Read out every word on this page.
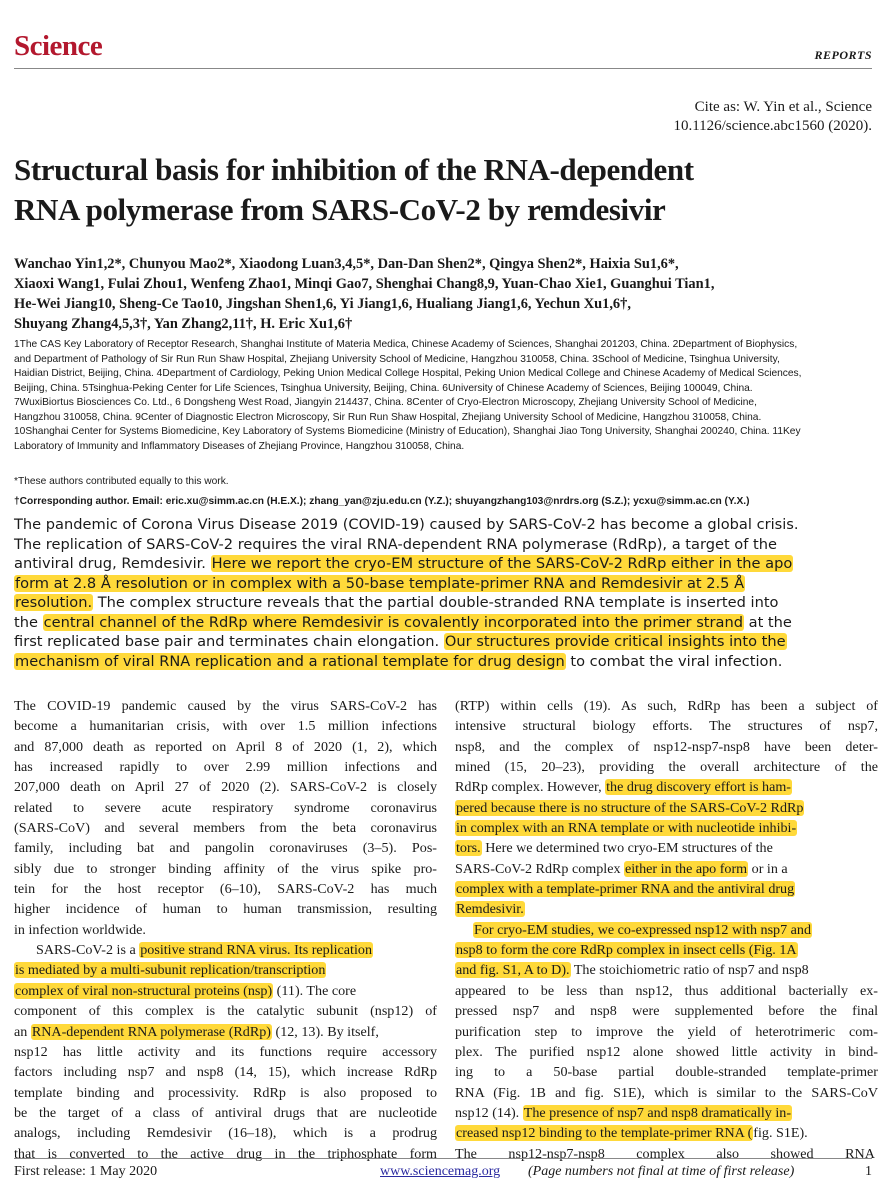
Science	REPORTS
Cite as: W. Yin et al., Science
10.1126/science.abc1560 (2020).
Structural basis for inhibition of the RNA-dependent
RNA polymerase from SARS-CoV-2 by remdesivir
Wanchao Yin1,2*, Chunyou Mao2*, Xiaodong Luan3,4,5*, Dan-Dan Shen2*, Qingya Shen2*, Haixia Su1,6*,
Xiaoxi Wang1, Fulai Zhou1, Wenfeng Zhao1, Minqi Gao7, Shenghai Chang8,9, Yuan-Chao Xie1, Guanghui Tian1,
He-Wei Jiang10, Sheng-Ce Tao10, Jingshan Shen1,6, Yi Jiang1,6, Hualiang Jiang1,6, Yechun Xu1,6†,
Shuyang Zhang4,5,3†, Yan Zhang2,11†, H. Eric Xu1,6†
1The CAS Key Laboratory of Receptor Research, Shanghai Institute of Materia Medica, Chinese Academy of Sciences, Shanghai 201203, China. 2Department of Biophysics,
and Department of Pathology of Sir Run Run Shaw Hospital, Zhejiang University School of Medicine, Hangzhou 310058, China. 3School of Medicine, Tsinghua University,
Haidian District, Beijing, China. 4Department of Cardiology, Peking Union Medical College Hospital, Peking Union Medical College and Chinese Academy of Medical Sciences,
Beijing, China. 5Tsinghua-Peking Center for Life Sciences, Tsinghua University, Beijing, China. 6University of Chinese Academy of Sciences, Beijing 100049, China.
7WuxiBiortus Biosciences Co. Ltd., 6 Dongsheng West Road, Jiangyin 214437, China. 8Center of Cryo-Electron Microscopy, Zhejiang University School of Medicine,
Hangzhou 310058, China. 9Center of Diagnostic Electron Microscopy, Sir Run Run Shaw Hospital, Zhejiang University School of Medicine, Hangzhou 310058, China.
10Shanghai Center for Systems Biomedicine, Key Laboratory of Systems Biomedicine (Ministry of Education), Shanghai Jiao Tong University, Shanghai 200240, China. 11Key
Laboratory of Immunity and Inflammatory Diseases of Zhejiang Province, Hangzhou 310058, China.
*These authors contributed equally to this work.
†Corresponding author. Email: eric.xu@simm.ac.cn (H.E.X.); zhang_yan@zju.edu.cn (Y.Z.); shuyangzhang103@nrdrs.org (S.Z.); ycxu@simm.ac.cn (Y.X.)
The pandemic of Corona Virus Disease 2019 (COVID-19) caused by SARS-CoV-2 has become a global crisis.
The replication of SARS-CoV-2 requires the viral RNA-dependent RNA polymerase (RdRp), a target of the
antiviral drug, Remdesivir. Here we report the cryo-EM structure of the SARS-CoV-2 RdRp either in the apo
form at 2.8 Å resolution or in complex with a 50-base template-primer RNA and Remdesivir at 2.5 Å
resolution. The complex structure reveals that the partial double-stranded RNA template is inserted into
the central channel of the RdRp where Remdesivir is covalently incorporated into the primer strand at the
first replicated base pair and terminates chain elongation. Our structures provide critical insights into the
mechanism of viral RNA replication and a rational template for drug design to combat the viral infection.
The COVID-19 pandemic caused by the virus SARS-CoV-2 has
become a humanitarian crisis, with over 1.5 million infections
and 87,000 death as reported on April 8 of 2020 (1, 2), which
has increased rapidly to over 2.99 million infections and
207,000 death on April 27 of 2020 (2). SARS-CoV-2 is closely
related to severe acute respiratory syndrome coronavirus
(SARS-CoV) and several members from the beta coronavirus
family, including bat and pangolin coronaviruses (3–5). Pos-
sibly due to stronger binding affinity of the virus spike pro-
tein for the host receptor (6–10), SARS-CoV-2 has much
higher incidence of human to human transmission, resulting
in infection worldwide.
SARS-CoV-2 is a positive strand RNA virus. Its replication
is mediated by a multi-subunit replication/transcription
complex of viral non-structural proteins (nsp) (11). The core
component of this complex is the catalytic subunit (nsp12) of
an RNA-dependent RNA polymerase (RdRp) (12, 13). By itself,
nsp12 has little activity and its functions require accessory
factors including nsp7 and nsp8 (14, 15), which increase RdRp
template binding and processivity. RdRp is also proposed to
be the target of a class of antiviral drugs that are nucleotide
analogs, including Remdesivir (16–18), which is a prodrug
that is converted to the active drug in the triphosphate form
(RTP) within cells (19). As such, RdRp has been a subject of
intensive structural biology efforts. The structures of nsp7,
nsp8, and the complex of nsp12-nsp7-nsp8 have been deter-
mined (15, 20–23), providing the overall architecture of the
RdRp complex. However, the drug discovery effort is ham-
pered because there is no structure of the SARS-CoV-2 RdRp
in complex with an RNA template or with nucleotide inhibi-
tors. Here we determined two cryo-EM structures of the
SARS-CoV-2 RdRp complex either in the apo form or in a
complex with a template-primer RNA and the antiviral drug
Remdesivir.
For cryo-EM studies, we co-expressed nsp12 with nsp7 and
nsp8 to form the core RdRp complex in insect cells (Fig. 1A
and fig. S1, A to D). The stoichiometric ratio of nsp7 and nsp8
appeared to be less than nsp12, thus additional bacterially ex-
pressed nsp7 and nsp8 were supplemented before the final
purification step to improve the yield of heterotrimeric com-
plex. The purified nsp12 alone showed little activity in bind-
ing to a 50-base partial double-stranded template-primer
RNA (Fig. 1B and fig. S1E), which is similar to the SARS-CoV
nsp12 (14). The presence of nsp7 and nsp8 dramatically in-
creased nsp12 binding to the template-primer RNA (fig. S1E).
The nsp12-nsp7-nsp8 complex also showed RNA
First release: 1 May 2020	www.sciencemag.org (Page numbers not final at time of first release)	1
